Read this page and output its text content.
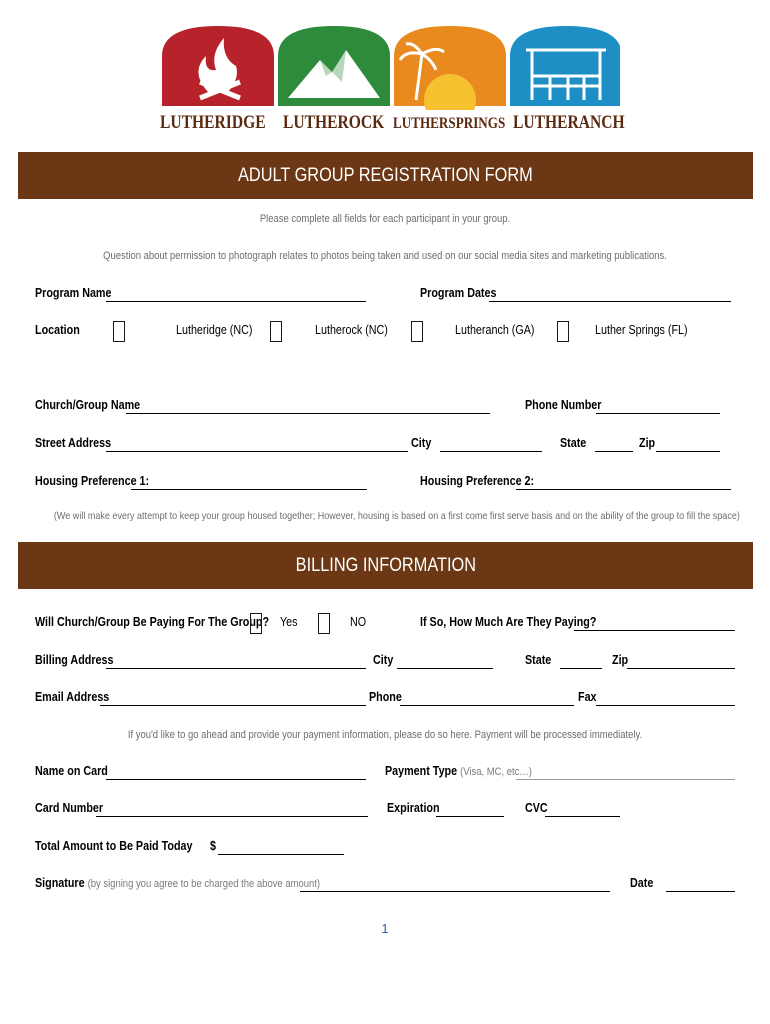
LUTHERIDGE LUTHEROCK LUTHERSPRINGS LUTHERANCH
ADULT GROUP REGISTRATION FORM
Please complete all fields for each participant in your group.
Question about permission to photograph relates to photos being taken and used on our social media sites and marketing publications.
Program Name	Program Dates
Location	Lutheridge (NC)	Lutherock (NC)	Lutheranch (GA)	Luther Springs (FL)
Church/Group Name	Phone Number
Street Address	City	State	Zip
Housing Preference 1:	Housing Preference 2:
(We will make every attempt to keep your group housed together; However, housing is based on a first come first serve basis and on the ability of the group to fill the space)
BILLING INFORMATION
Will Church/Group Be Paying For The Group? Yes	NO	If So, How Much Are They Paying?
Billing Address	City	State	Zip
Email Address	Phone	Fax
If you'd like to go ahead and provide your payment information, please do so here. Payment will be processed immediately.
Name on Card	Payment Type (Visa, MC, etc…)
Card Number	Expiration	CVC
Total Amount to Be Paid Today $
Signature (by signing you agree to be charged the above amount)	Date
1
